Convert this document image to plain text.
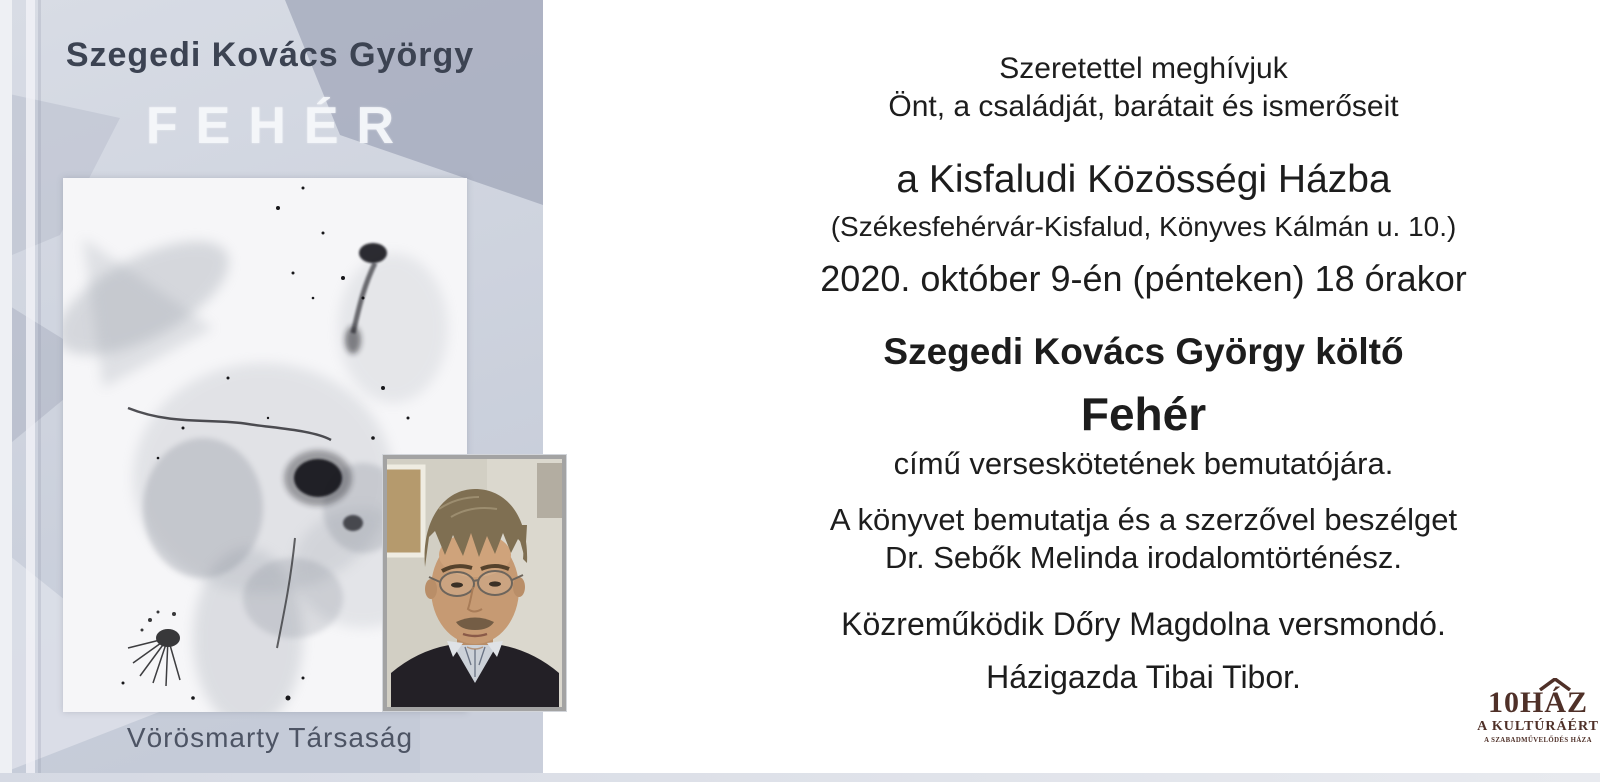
Szegedi Kovács György
FEHÉR
Vörösmarty Társaság
Szeretettel meghívjuk
Önt, a családját, barátait és ismerőseit
a Kisfaludi Közösségi Házba
(Székesfehérvár-Kisfalud, Könyves Kálmán u. 10.)
2020. október 9-én (pénteken) 18 órakor
Szegedi Kovács György költő
Fehér
című verseskötetének bemutatójára.
A könyvet bemutatja és a szerzővel beszélget
Dr. Sebők Melinda irodalomtörténész.
Közreműködik Dőry Magdolna versmondó.
Házigazda Tibai Tibor.
10HÁZ
A KULTÚRÁÉRT
A SZABADMŰVELŐDÉS HÁZA
